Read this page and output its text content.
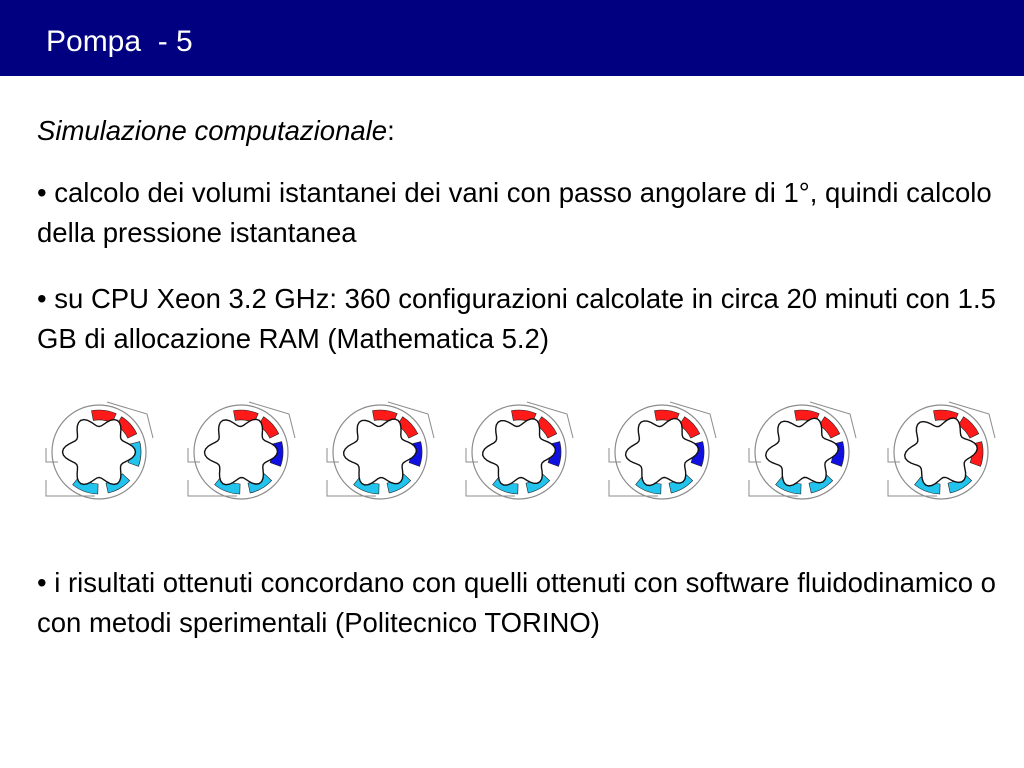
Pompa  - 5
Simulazione computazionale:
• calcolo dei volumi istantanei dei vani con passo angolare di 1°, quindi calcolo della pressione istantanea
• su CPU Xeon 3.2 GHz: 360 configurazioni calcolate in circa 20 minuti con 1.5 GB di allocazione RAM (Mathematica 5.2)
• i risultati ottenuti concordano con quelli ottenuti con software fluidodinamico o con metodi sperimentali (Politecnico TORINO)
